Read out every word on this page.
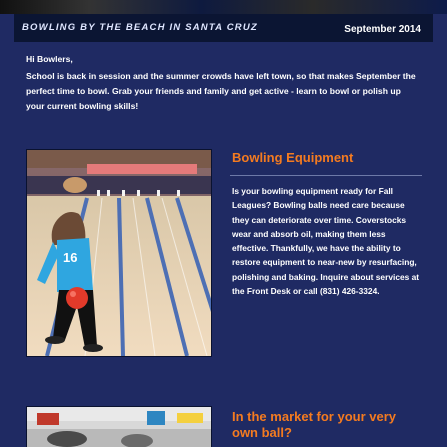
BOWLING BY THE BEACH IN SANTA CRUZ	September 2014

Hi Bowlers,

School is back in session and the summer crowds have left town, so that makes September the perfect time to bowl. Grab your friends and family and get active - learn to bowl or polish up your current bowling skills!

16
Bowling Equipment
Is your bowling equipment ready for Fall Leagues? Bowling balls need care because they can deteriorate over time. Coverstocks wear and absorb oil, making them less effective. Thankfully, we have the ability to restore equipment to near-new by resurfacing, polishing and baking. Inquire about services at the Front Desk or call (831) 426-3324.
In the market for your very own ball?
